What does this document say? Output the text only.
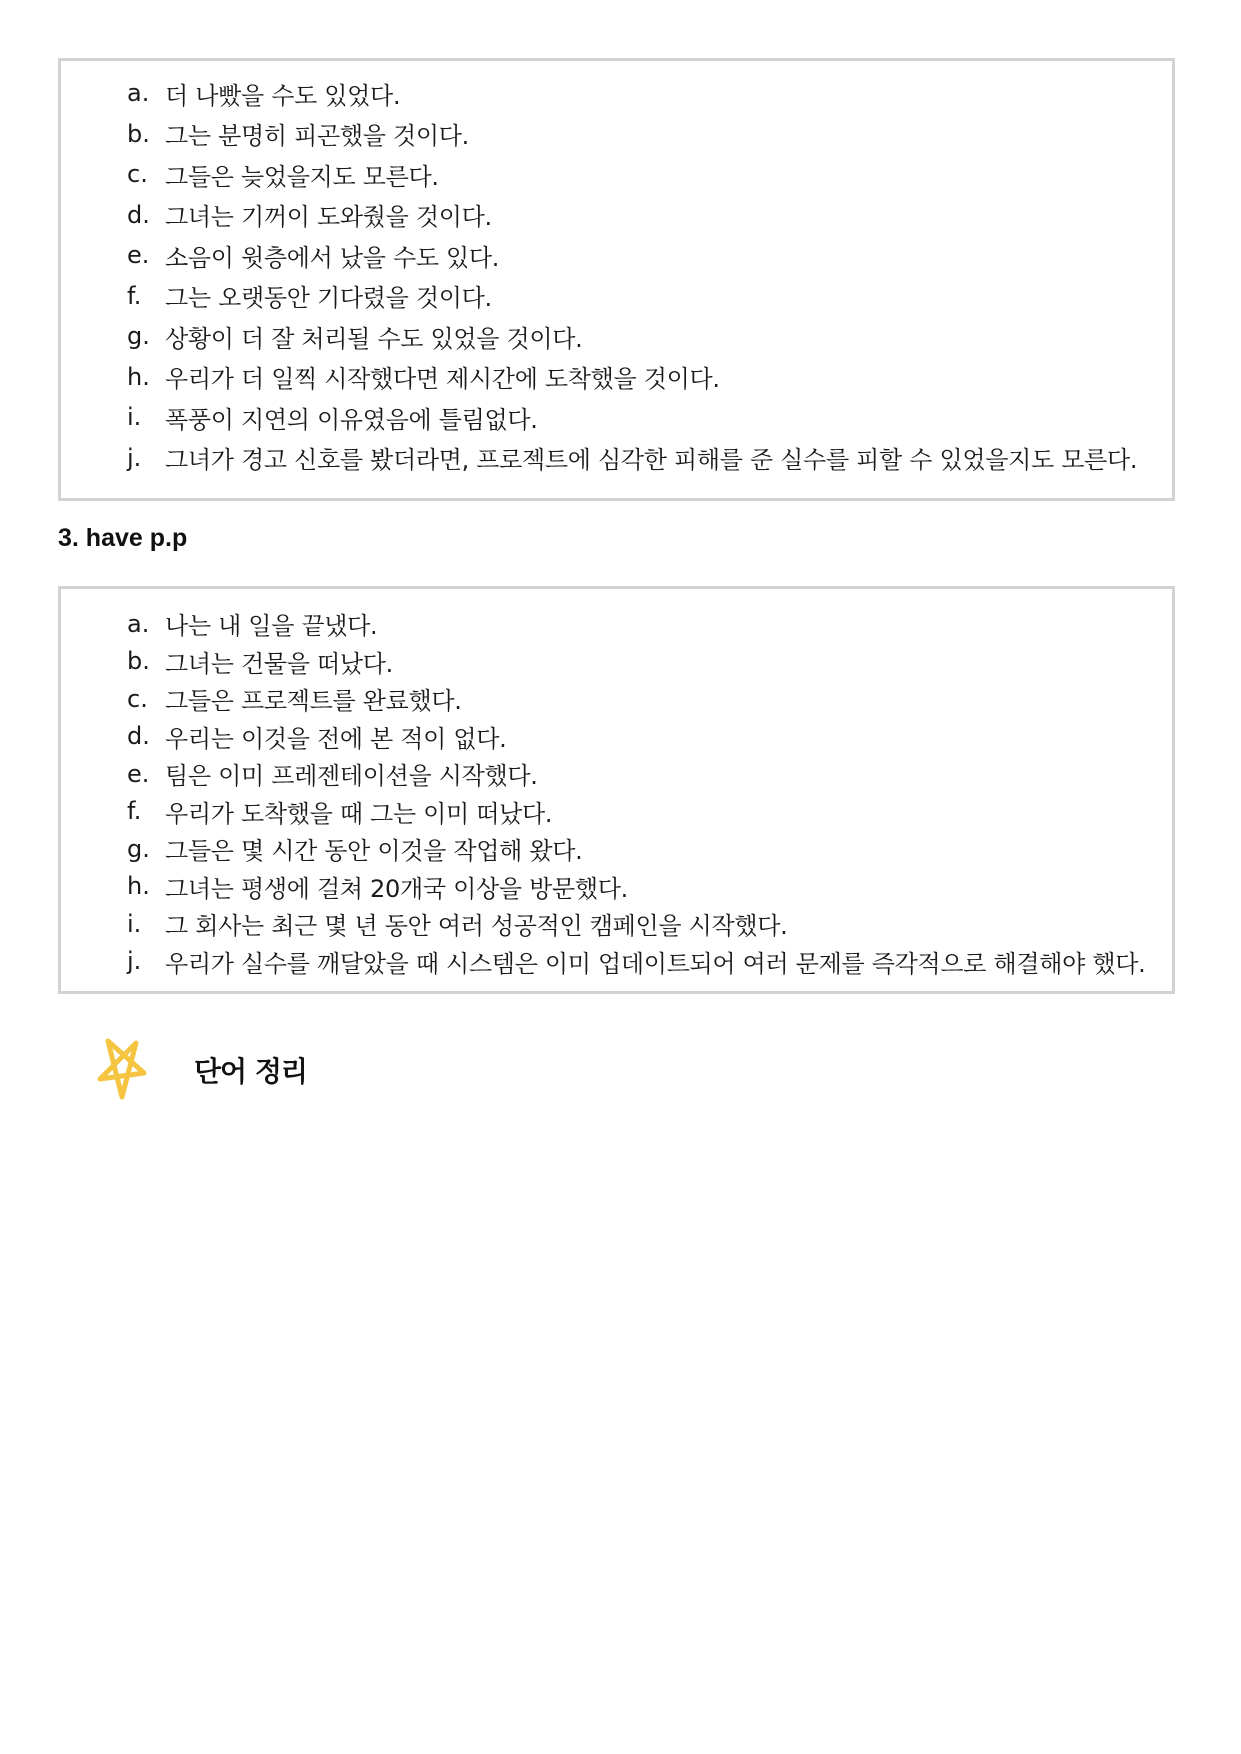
a. 더 나빴을 수도 있었다.
b. 그는 분명히 피곤했을 것이다.
c. 그들은 늦었을지도 모른다.
d. 그녀는 기꺼이 도와줬을 것이다.
e. 소음이 윗층에서 났을 수도 있다.
f. 그는 오랫동안 기다렸을 것이다.
g. 상황이 더 잘 처리될 수도 있었을 것이다.
h. 우리가 더 일찍 시작했다면 제시간에 도착했을 것이다.
i. 폭풍이 지연의 이유였음에 틀림없다.
j. 그녀가 경고 신호를 봤더라면, 프로젝트에 심각한 피해를 준 실수를 피할 수 있었을지도 모른다.
3. have p.p
a. 나는 내 일을 끝냈다.
b. 그녀는 건물을 떠났다.
c. 그들은 프로젝트를 완료했다.
d. 우리는 이것을 전에 본 적이 없다.
e. 팀은 이미 프레젠테이션을 시작했다.
f. 우리가 도착했을 때 그는 이미 떠났다.
g. 그들은 몇 시간 동안 이것을 작업해 왔다.
h. 그녀는 평생에 걸쳐 20개국 이상을 방문했다.
i. 그 회사는 최근 몇 년 동안 여러 성공적인 캠페인을 시작했다.
j. 우리가 실수를 깨달았을 때 시스템은 이미 업데이트되어 여러 문제를 즉각적으로 해결해야 했다.
단어 정리
